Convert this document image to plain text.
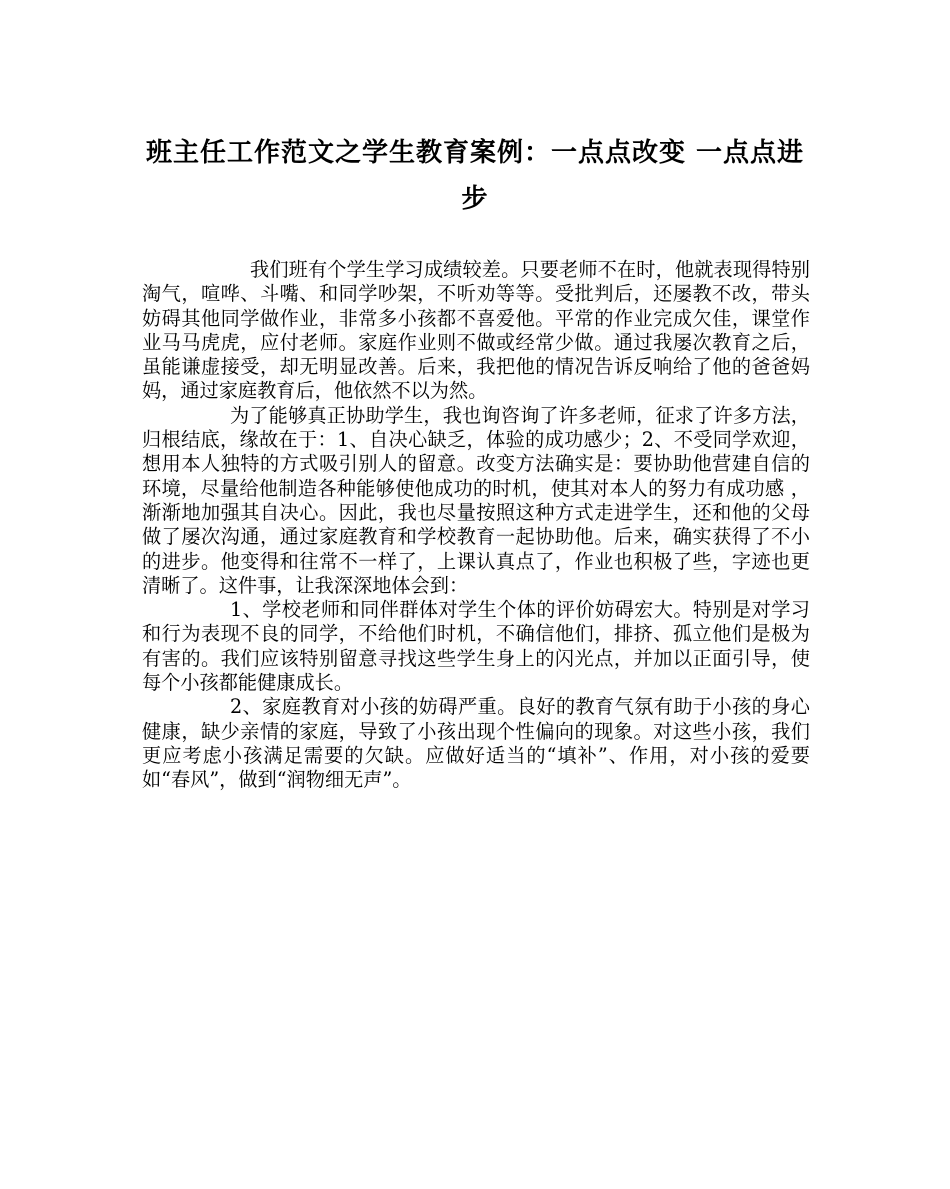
班主任工作范文之学生教育案例：一点点改变 一点点进步

我们班有个学生学习成绩较差。只要老师不在时，他就表现得特别淘气，喧哗、斗嘴、和同学吵架，不听劝等等。受批判后，还屡教不改，带头妨碍其他同学做作业，非常多小孩都不喜爱他。平常的作业完成欠佳，课堂作业马马虎虎，应付老师。家庭作业则不做或经常少做。通过我屡次教育之后，虽能谦虚接受，却无明显改善。后来，我把他的情况告诉反响给了他的爸爸妈妈，通过家庭教育后，他依然不以为然。

为了能够真正协助学生，我也询咨询了许多老师，征求了许多方法，归根结底，缘故在于：1、自决心缺乏，体验的成功感少；2、不受同学欢迎，想用本人独特的方式吸引别人的留意。改变方法确实是：要协助他营建自信的环境，尽量给他制造各种能够使他成功的时机，使其对本人的努力有成功感 ，渐渐地加强其自决心。因此，我也尽量按照这种方式走进学生，还和他的父母做了屡次沟通，通过家庭教育和学校教育一起协助他。后来，确实获得了不小的进步。他变得和往常不一样了，上课认真点了，作业也积极了些，字迹也更清晰了。这件事，让我深深地体会到：

1、学校老师和同伴群体对学生个体的评价妨碍宏大。特别是对学习和行为表现不良的同学，不给他们时机，不确信他们，排挤、孤立他们是极为有害的。我们应该特别留意寻找这些学生身上的闪光点，并加以正面引导，使每个小孩都能健康成长。

2、家庭教育对小孩的妨碍严重。良好的教育气氛有助于小孩的身心健康，缺少亲情的家庭，导致了小孩出现个性偏向的现象。对这些小孩，我们更应考虑小孩满足需要的欠缺。应做好适当的“填补”、作用，对小孩的爱要如“春风”，做到“润物细无声”。
